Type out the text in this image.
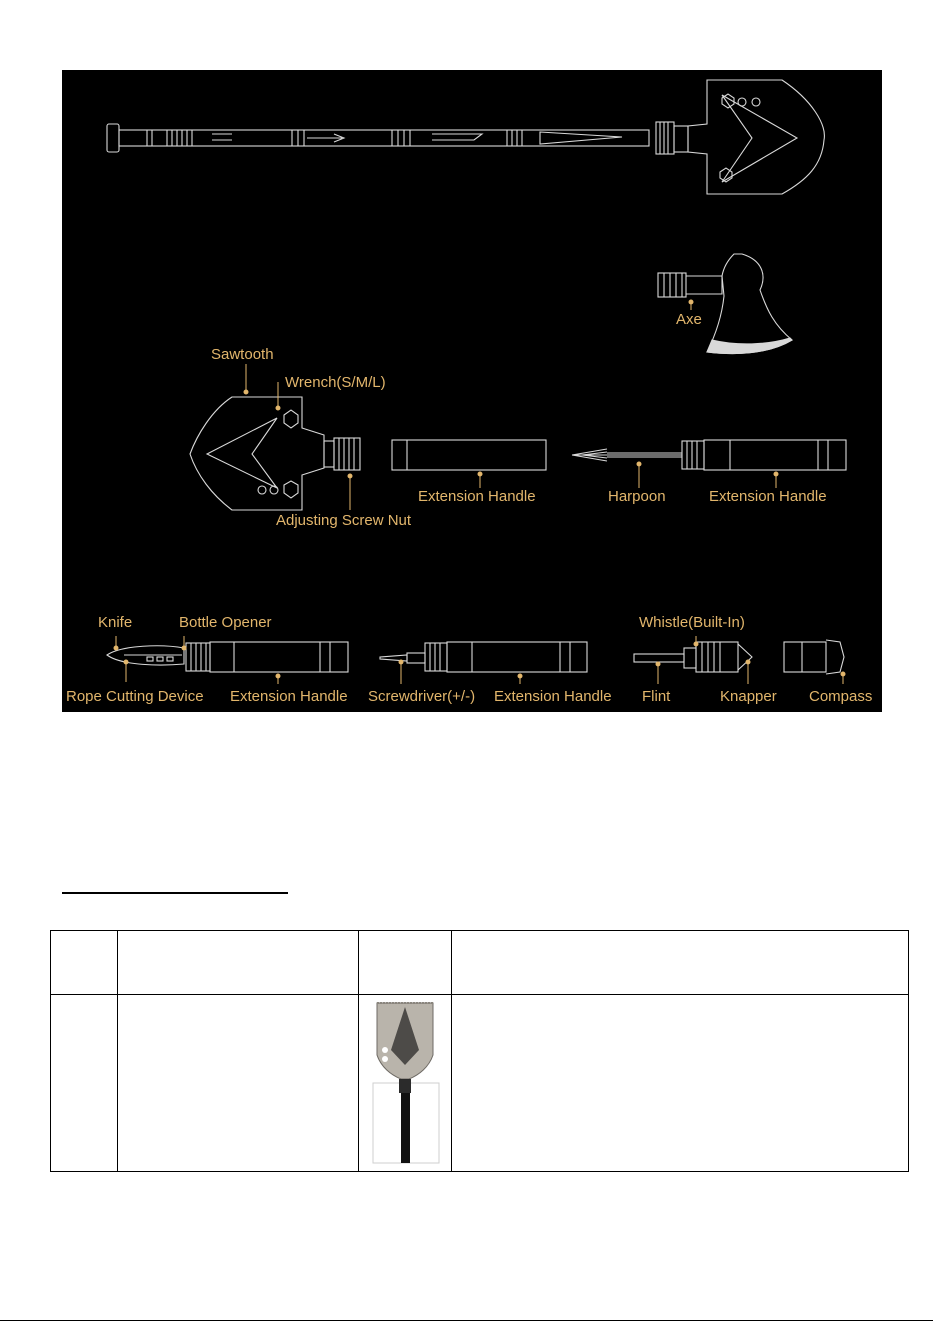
Axe
Sawtooth
Wrench(S/M/L)
Adjusting Screw Nut
Extension Handle	Harpoon	Extension Handle
Knife	Bottle Opener	Whistle(Built-In)
Rope Cutting Device Extension Handle Screwdriver(+/-) Extension Handle Flint	Knapper Compass
